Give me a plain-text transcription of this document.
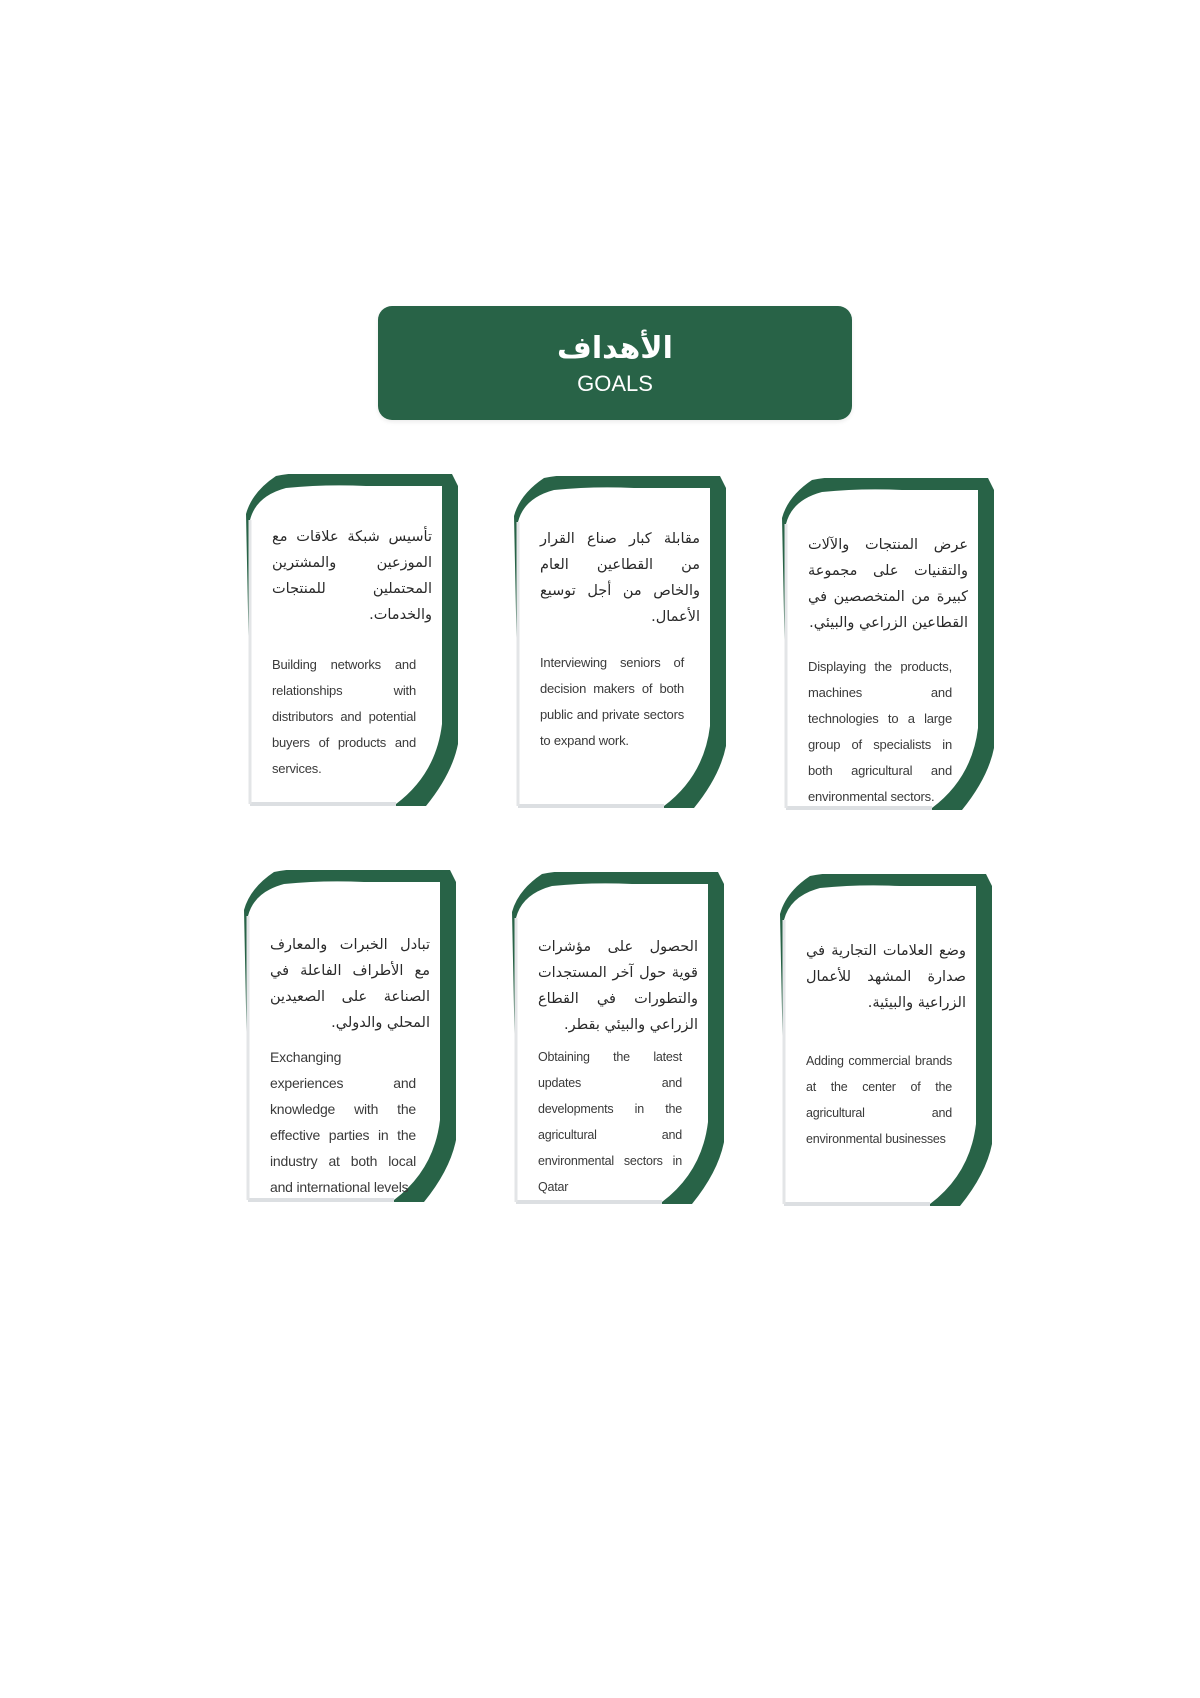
الأهداف
GOALS
تأسيس شبكة علاقات مع الموزعين والمشترين المحتملين للمنتجات والخدمات.
Building networks and relationships with distributors and potential buyers of products and services.
مقابلة كبار صناع القرار من القطاعين العام والخاص من أجل توسيع الأعمال.
Interviewing seniors of decision makers of both public and private sectors to expand work.
عرض المنتجات والآلات والتقنيات على مجموعة كبيرة من المتخصصين في القطاعين الزراعي والبيئي.
Displaying the products, machines and technologies to a large group of specialists in both agricultural and environmental sectors.
تبادل الخبرات والمعارف مع الأطراف الفاعلة في الصناعة على الصعيدين المحلي والدولي.
Exchanging experiences and knowledge with the effective parties in the industry at both local and international levels
الحصول على مؤشرات قوية حول آخر المستجدات والتطورات في القطاع الزراعي والبيئي بقطر.
Obtaining the latest updates and developments in the agricultural and environmental sectors in Qatar
وضع العلامات التجارية في صدارة المشهد للأعمال الزراعية والبيئية.
Adding commercial brands at the center of the agricultural and environmental businesses
